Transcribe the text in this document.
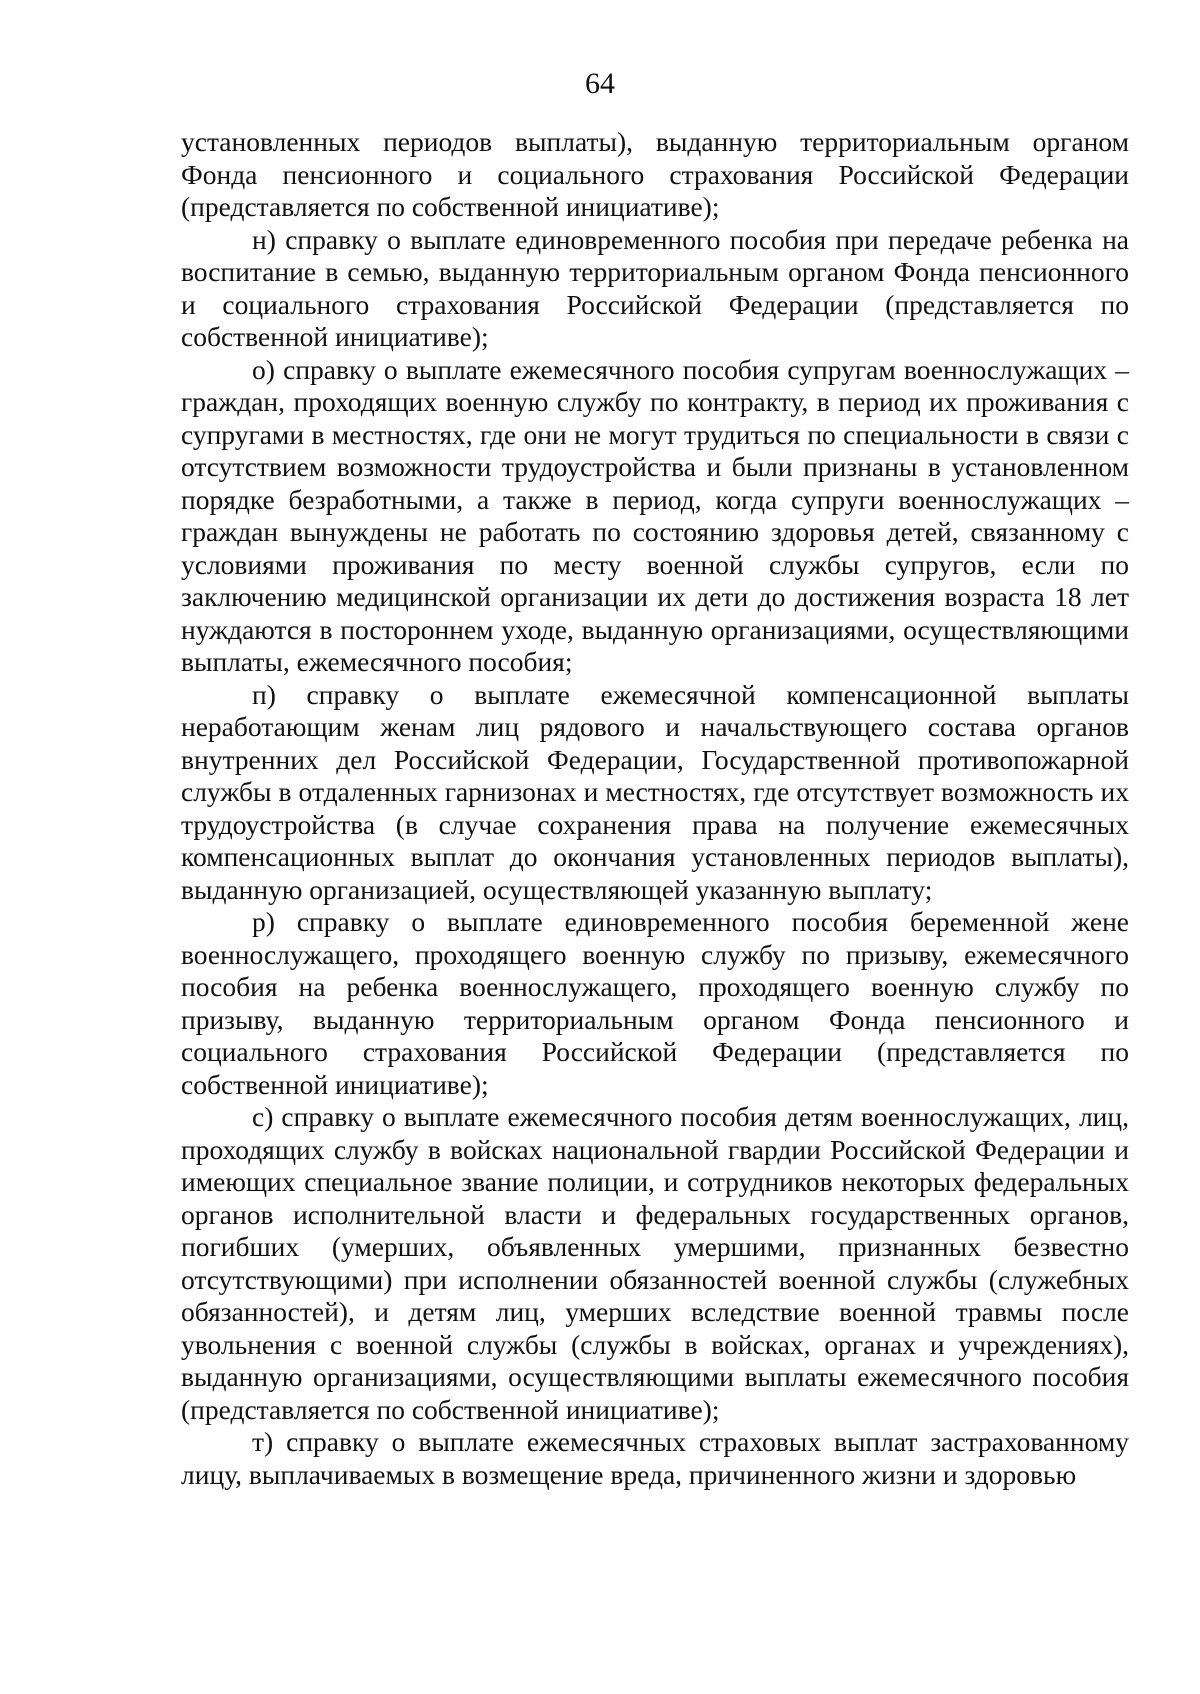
64

установленных периодов выплаты), выданную территориальным органом Фонда пенсионного и социального страхования Российской Федерации (представляется по собственной инициативе);

н) справку о выплате единовременного пособия при передаче ребенка на воспитание в семью, выданную территориальным органом Фонда пенсионного и социального страхования Российской Федерации (представляется по собственной инициативе);

о) справку о выплате ежемесячного пособия супругам военнослужащих – граждан, проходящих военную службу по контракту, в период их проживания с супругами в местностях, где они не могут трудиться по специальности в связи с отсутствием возможности трудоустройства и были признаны в установленном порядке безработными, а также в период, когда супруги военнослужащих – граждан вынуждены не работать по состоянию здоровья детей, связанному с условиями проживания по месту военной службы супругов, если по заключению медицинской организации их дети до достижения возраста 18 лет нуждаются в постороннем уходе, выданную организациями, осуществляющими выплаты, ежемесячного пособия;

п) справку о выплате ежемесячной компенсационной выплаты неработающим женам лиц рядового и начальствующего состава органов внутренних дел Российской Федерации, Государственной противопожарной службы в отдаленных гарнизонах и местностях, где отсутствует возможность их трудоустройства (в случае сохранения права на получение ежемесячных компенсационных выплат до окончания установленных периодов выплаты), выданную организацией, осуществляющей указанную выплату;

р) справку о выплате единовременного пособия беременной жене военнослужащего, проходящего военную службу по призыву, ежемесячного пособия на ребенка военнослужащего, проходящего военную службу по призыву, выданную территориальным органом Фонда пенсионного и социального страхования Российской Федерации (представляется по собственной инициативе);

с) справку о выплате ежемесячного пособия детям военнослужащих, лиц, проходящих службу в войсках национальной гвардии Российской Федерации и имеющих специальное звание полиции, и сотрудников некоторых федеральных органов исполнительной власти и федеральных государственных органов, погибших (умерших, объявленных умершими, признанных безвестно отсутствующими) при исполнении обязанностей военной службы (служебных обязанностей), и детям лиц, умерших вследствие военной травмы после увольнения с военной службы (службы в войсках, органах и учреждениях), выданную организациями, осуществляющими выплаты ежемесячного пособия (представляется по собственной инициативе);

т) справку о выплате ежемесячных страховых выплат застрахованному лицу, выплачиваемых в возмещение вреда, причиненного жизни и здоровью
